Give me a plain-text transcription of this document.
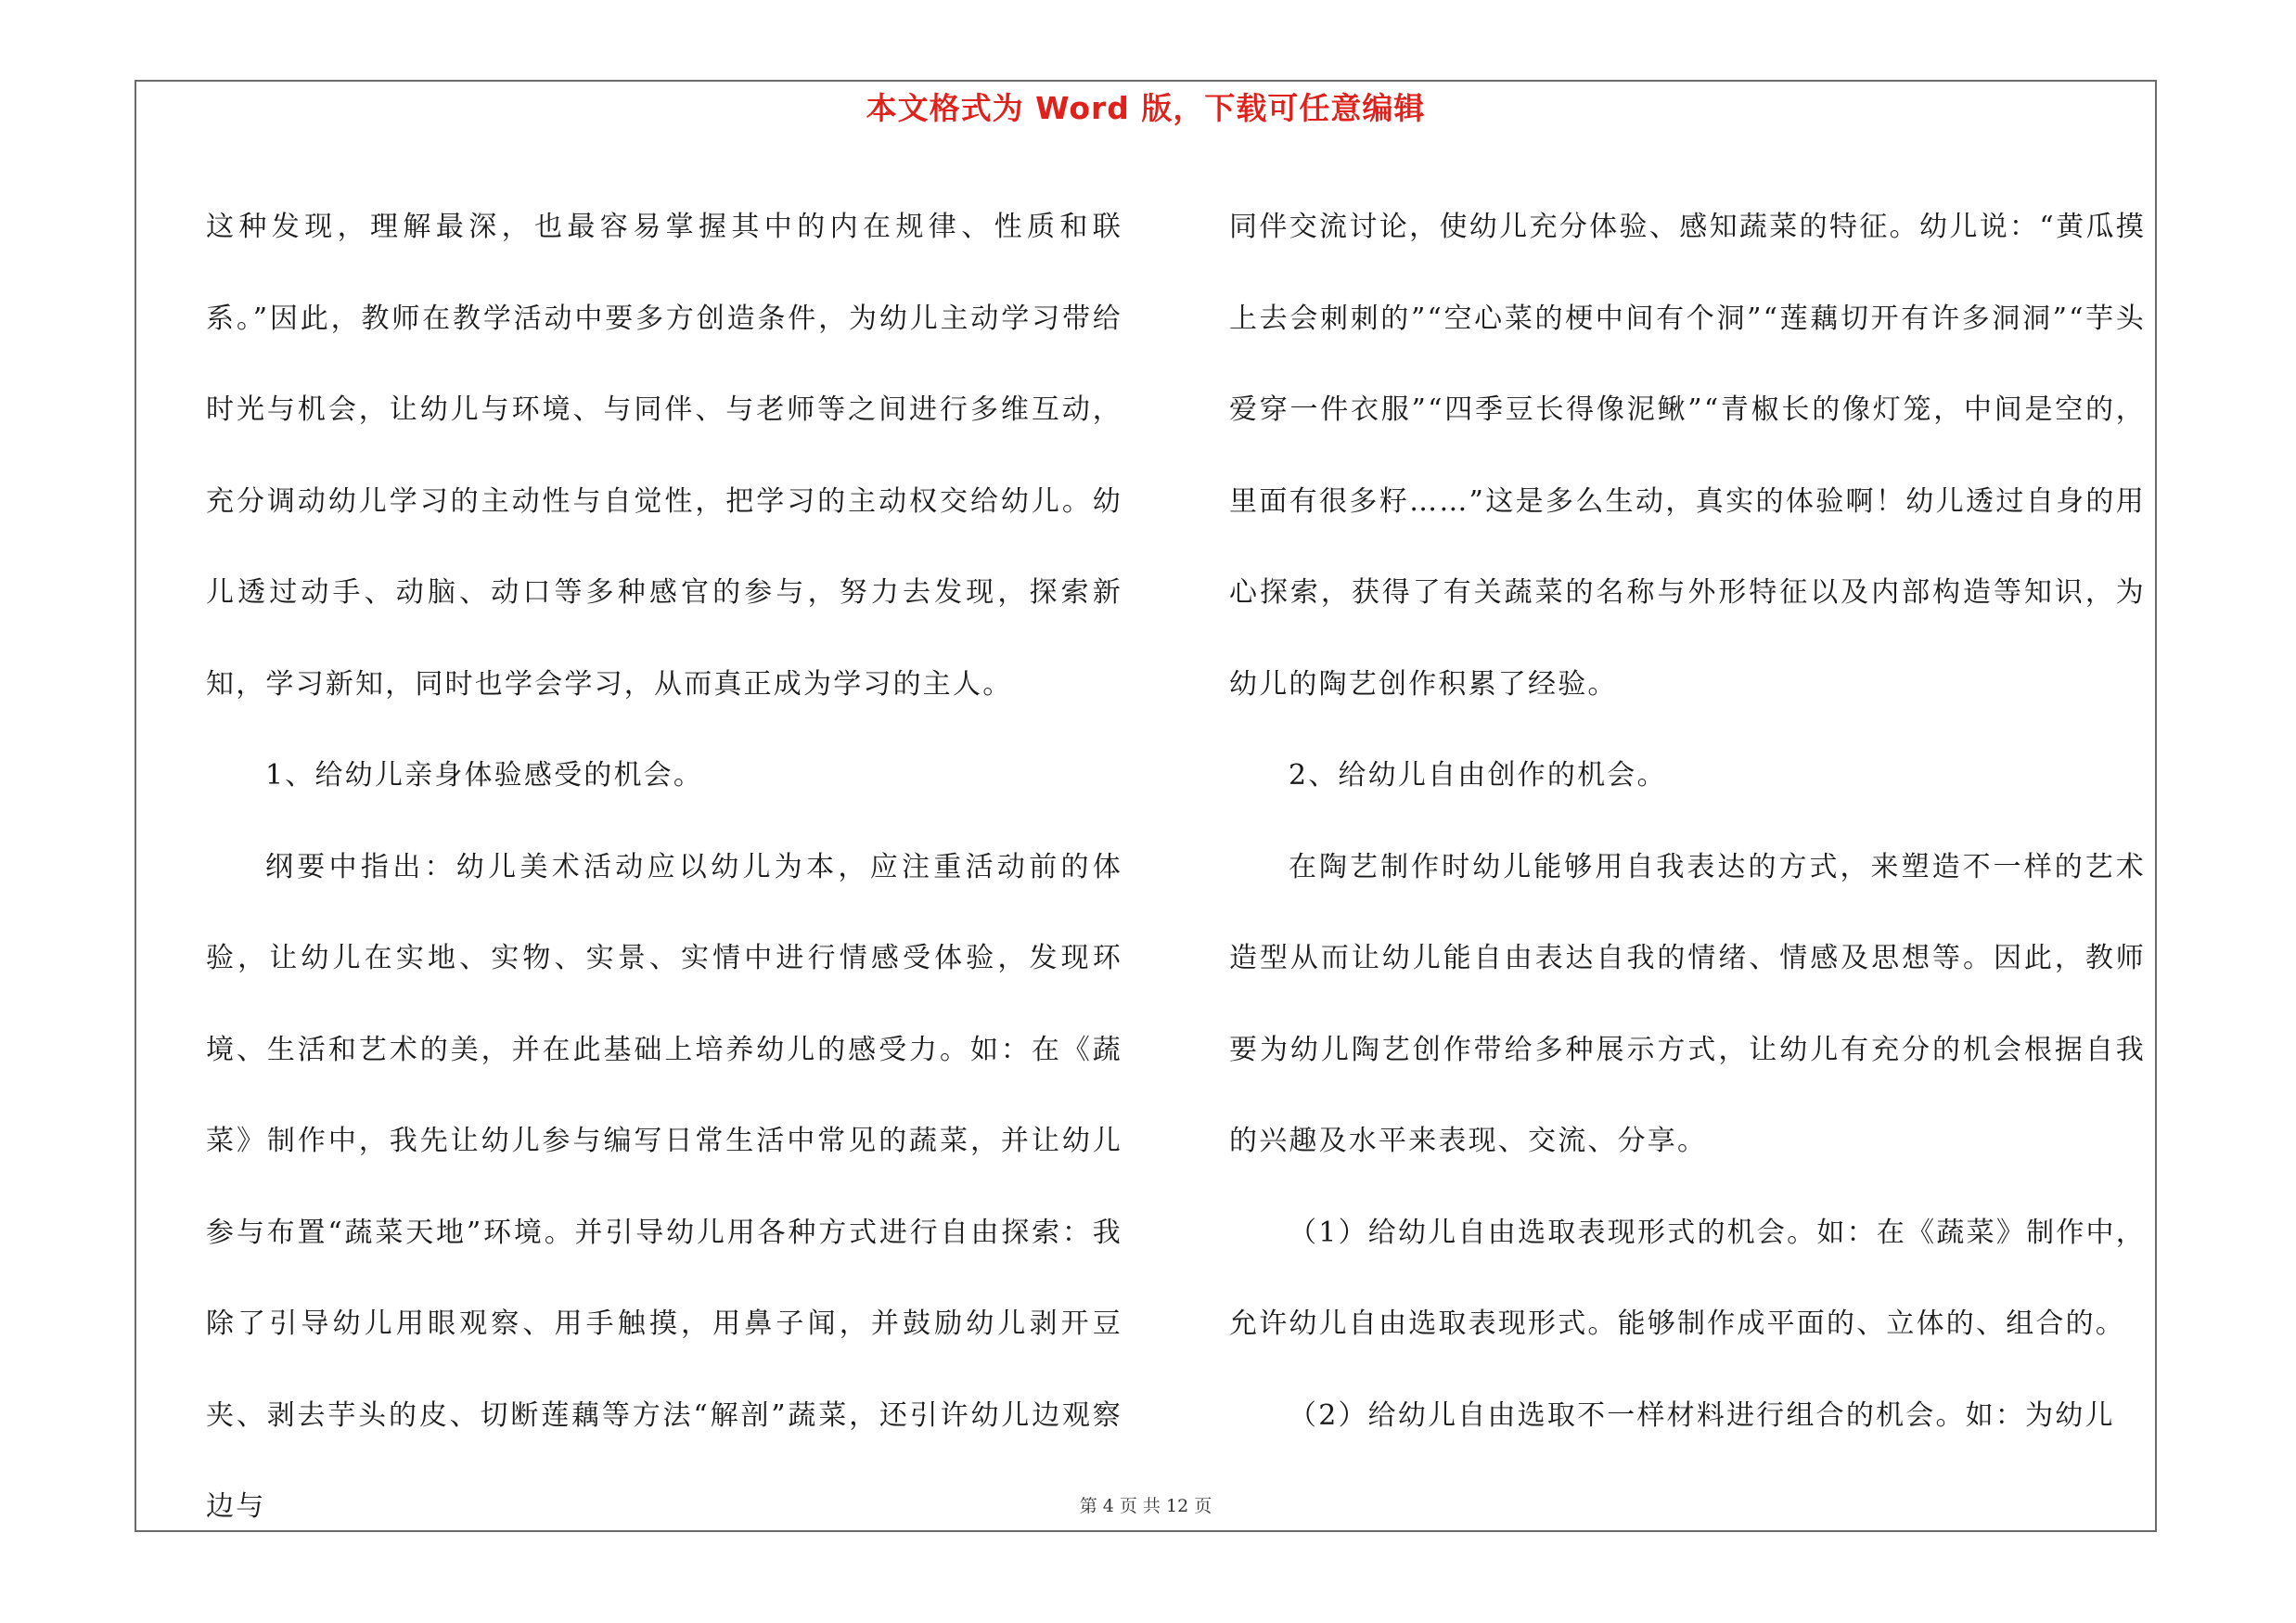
本文格式为 Word 版，下载可任意编辑

这种发现，理解最深，也最容易掌握其中的内在规律、性质和联系。”因此，教师在教学活动中要多方创造条件，为幼儿主动学习带给时光与机会，让幼儿与环境、与同伴、与老师等之间进行多维互动，充分调动幼儿学习的主动性与自觉性，把学习的主动权交给幼儿。幼儿透过动手、动脑、动口等多种感官的参与，努力去发现，探索新知，学习新知，同时也学会学习，从而真正成为学习的主人。

1、给幼儿亲身体验感受的机会。

纲要中指出：幼儿美术活动应以幼儿为本，应注重活动前的体验，让幼儿在实地、实物、实景、实情中进行情感受体验，发现环境、生活和艺术的美，并在此基础上培养幼儿的感受力。如：在《蔬菜》制作中，我先让幼儿参与编写日常生活中常见的蔬菜，并让幼儿参与布置“蔬菜天地”环境。并引导幼儿用各种方式进行自由探索：我除了引导幼儿用眼观察、用手触摸，用鼻子闻，并鼓励幼儿剥开豆夹、剥去芋头的皮、切断莲藕等方法“解剖”蔬菜，还引许幼儿边观察边与

同伴交流讨论，使幼儿充分体验、感知蔬菜的特征。幼儿说：“黄瓜摸上去会刺刺的”“空心菜的梗中间有个洞”“莲藕切开有许多洞洞”“芋头爱穿一件衣服”“四季豆长得像泥鳅”“青椒长的像灯笼，中间是空的，里面有很多籽……”这是多么生动，真实的体验啊！幼儿透过自身的用心探索，获得了有关蔬菜的名称与外形特征以及内部构造等知识，为幼儿的陶艺创作积累了经验。

2、给幼儿自由创作的机会。

在陶艺制作时幼儿能够用自我表达的方式，来塑造不一样的艺术造型从而让幼儿能自由表达自我的情绪、情感及思想等。因此，教师要为幼儿陶艺创作带给多种展示方式，让幼儿有充分的机会根据自我的兴趣及水平来表现、交流、分享。

（1）给幼儿自由选取表现形式的机会。如：在《蔬菜》制作中，允许幼儿自由选取表现形式。能够制作成平面的、立体的、组合的。

（2）给幼儿自由选取不一样材料进行组合的机会。如：为幼儿

第 4 页 共 12 页
